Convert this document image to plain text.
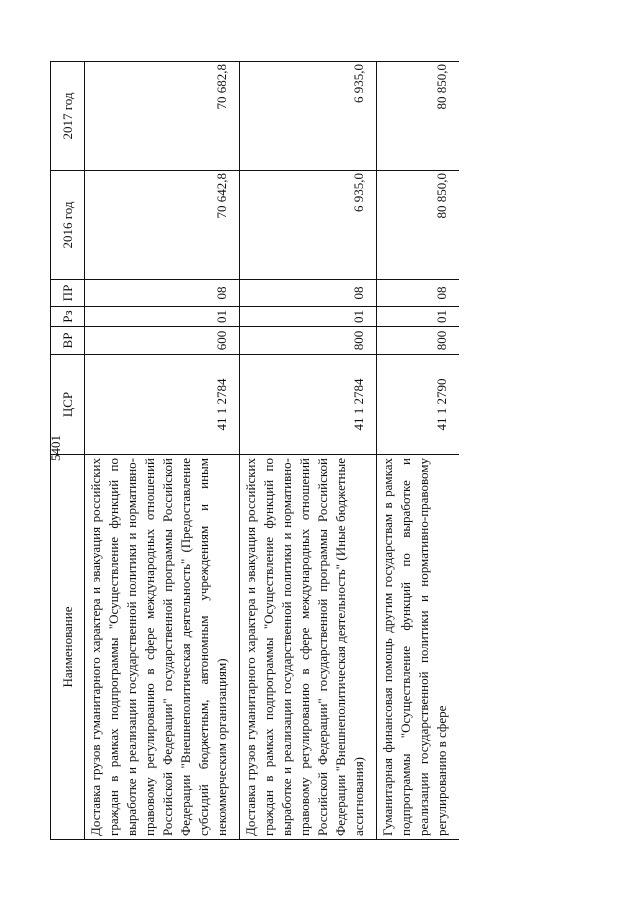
5401
Наименование	ЦСР	ВР	Рз	ПР	2016 год	2017 год
Доставка грузов гуманитарного характера и эвакуация российских граждан в рамках подпрограммы "Осуществление функций по выработке и реализации государственной политики и нормативно-правовому регулированию в сфере международных отношений Российской Федерации" государственной программы Российской Федерации "Внешнеполитическая деятельность" (Предоставление субсидий бюджетным, автономным учреждениям и иным некоммерческим организациям)	41 1 2784	600	01	08	70 642,8	70 682,8
Доставка грузов гуманитарного характера и эвакуация российских граждан в рамках подпрограммы "Осуществление функций по выработке и реализации государственной политики и нормативно-правовому регулированию в сфере международных отношений Российской Федерации" государственной программы Российской Федерации "Внешнеполитическая деятельность" (Иные бюджетные ассигнования)	41 1 2784	800	01	08	6 935,0	6 935,0
Гуманитарная финансовая помощь другим государствам в рамках подпрограммы "Осуществление функций по выработке и реализации государственной политики и нормативно-правовому регулированию в сфере	41 1 2790	800	01	08	80 850,0	80 850,0
